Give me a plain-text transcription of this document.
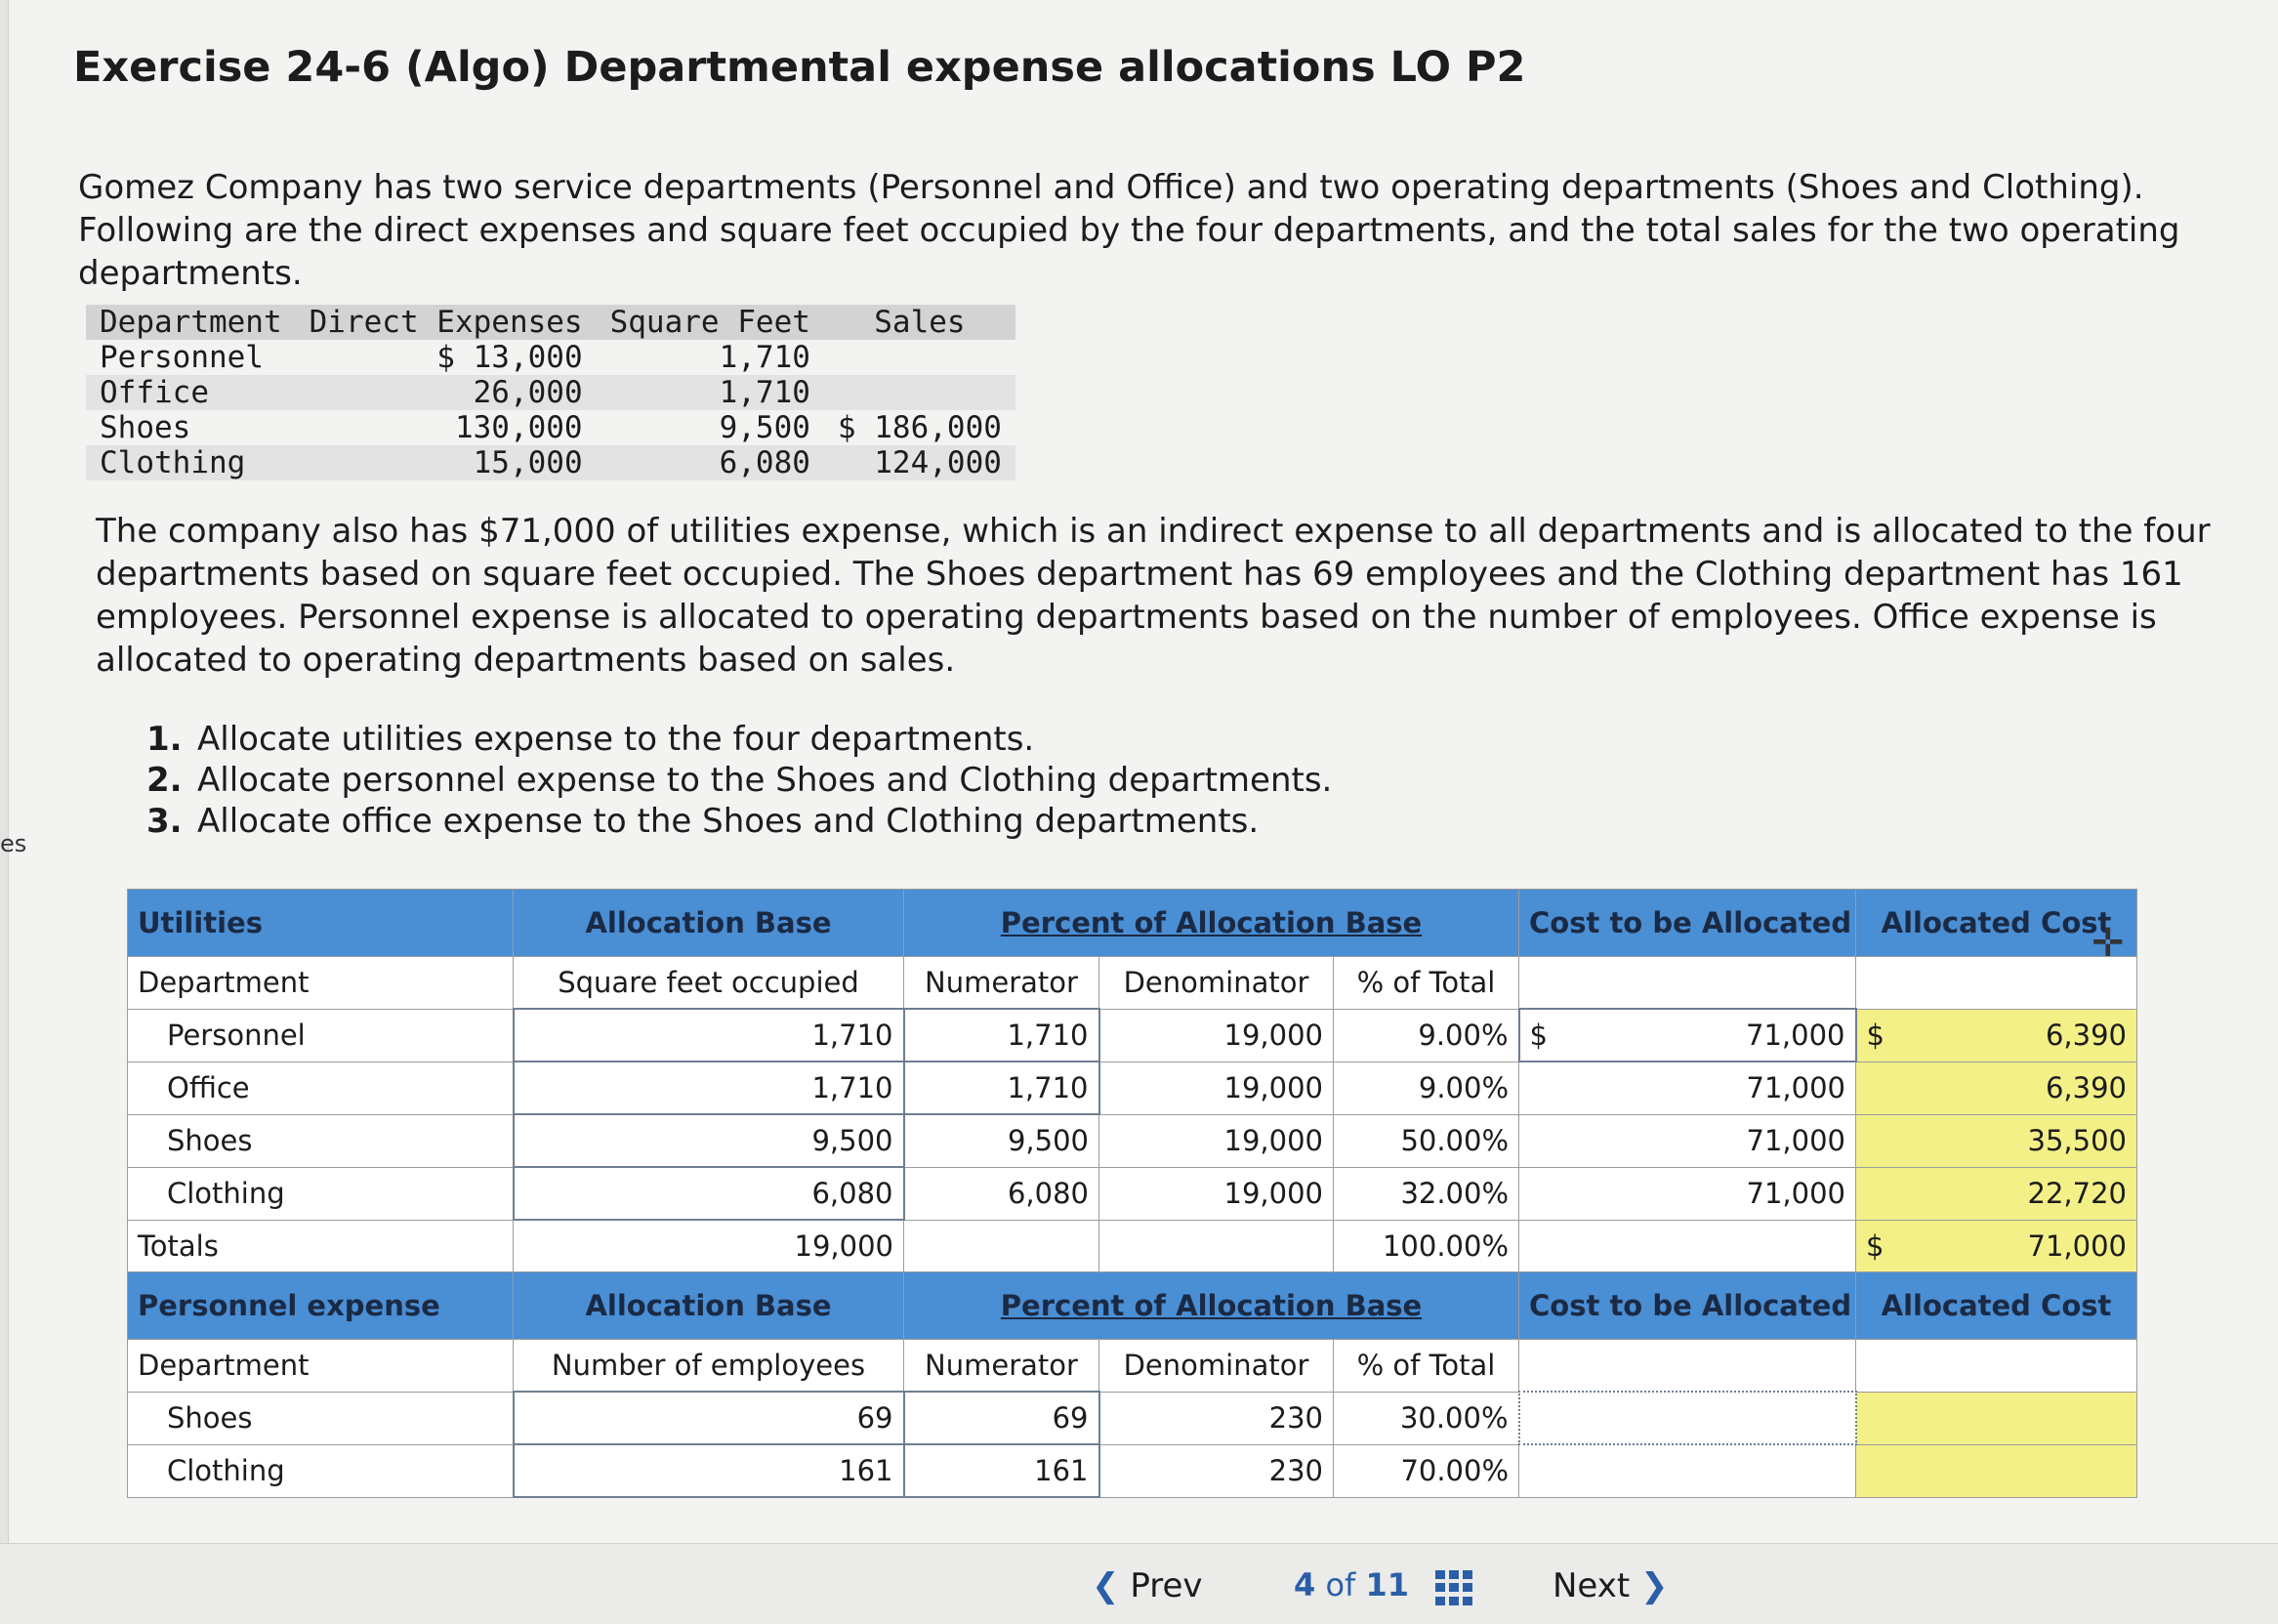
es
Exercise 24-6 (Algo) Departmental expense allocations LO P2
Gomez Company has two service departments (Personnel and Office) and two operating departments (Shoes and Clothing). Following are the direct expenses and square feet occupied by the four departments, and the total sales for the two operating departments.
Department	Direct Expenses	Square Feet	Sales
Personnel	$ 13,000	1,710	
Office	26,000	1,710	
Shoes	130,000	9,500	$ 186,000
Clothing	15,000	6,080	124,000
The company also has $71,000 of utilities expense, which is an indirect expense to all departments and is allocated to the four departments based on square feet occupied. The Shoes department has 69 employees and the Clothing department has 161 employees. Personnel expense is allocated to operating departments based on the number of employees. Office expense is allocated to operating departments based on sales.
1. Allocate utilities expense to the four departments.
2. Allocate personnel expense to the Shoes and Clothing departments.
3. Allocate office expense to the Shoes and Clothing departments.
Utilities	Allocation Base	Percent of Allocation Base			Cost to be Allocated	Allocated Cost
Department	Square feet occupied	Numerator	Denominator	% of Total		
Personnel	1,710	1,710	19,000	9.00%	$ 71,000	$ 6,390

Office	1,710	1,710	19,000	9.00%	71,000	6,390
Shoes	9,500	9,500	19,000	50.00%	71,000	35,500
Clothing	6,080	6,080	19,000	32.00%	71,000	22,720
Totals	19,000			100.00%		$ 71,000

Personnel expense	Allocation Base	Percent of Allocation Base			Cost to be Allocated	Allocated Cost
Department	Number of employees	Numerator	Denominator	% of Total		
Shoes	69	69	230	30.00%		
Clothing	161	161	230	70.00%		
✛
❮ Prev	4 of 11	Next ❯
